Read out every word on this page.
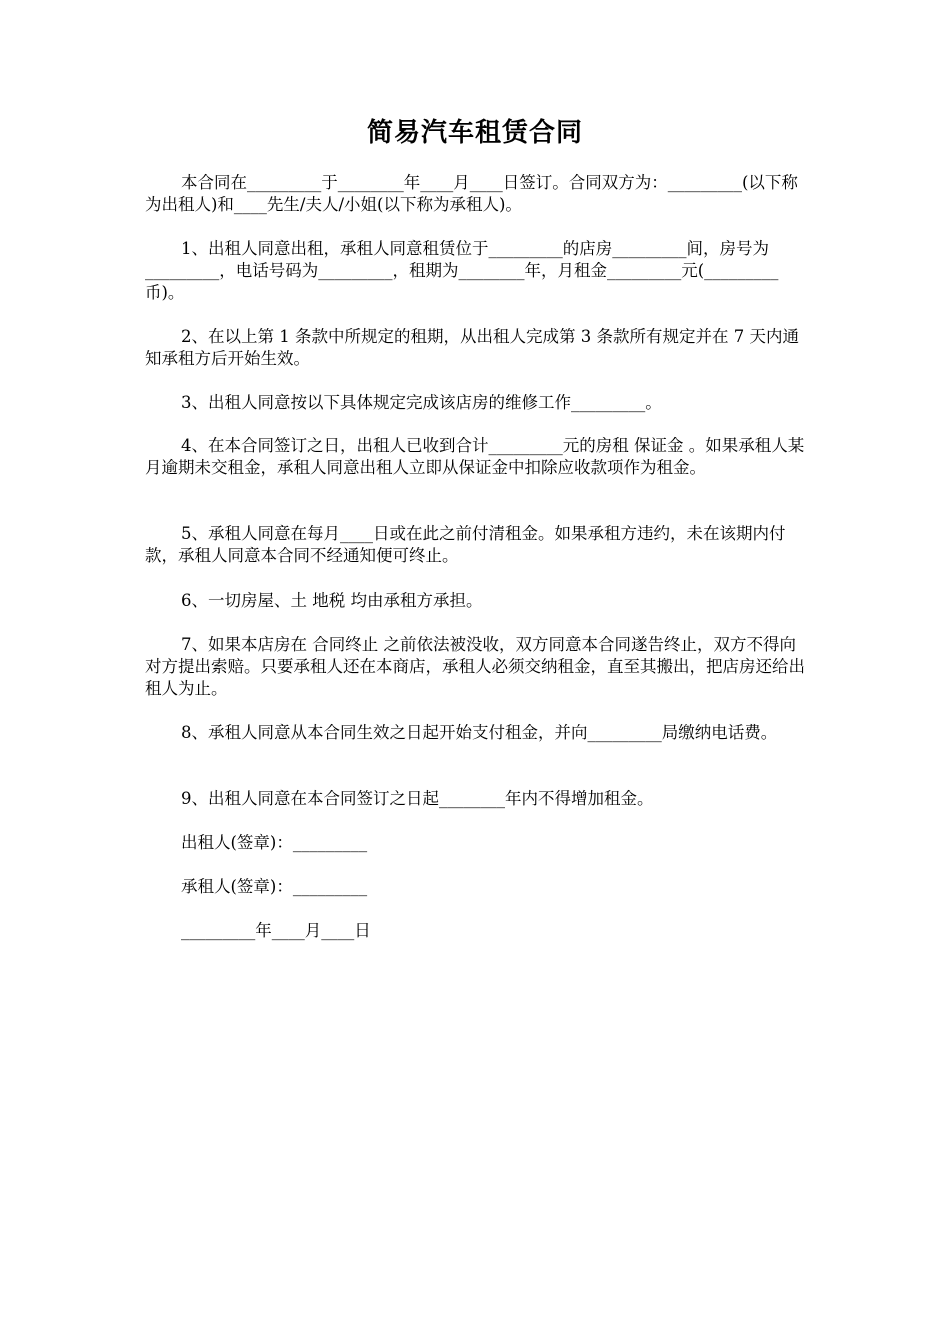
简易汽车租赁合同
本合同在_________于________年____月____日签订。合同双方为：_________(以下称为出租人)和____先生/夫人/小姐(以下称为承租人)。
1、出租人同意出租，承租人同意租赁位于_________的店房_________间，房号为_________，电话号码为_________，租期为________年，月租金_________元(_________币)。
2、在以上第 1 条款中所规定的租期，从出租人完成第 3 条款所有规定并在 7 天内通知承租方后开始生效。
3、出租人同意按以下具体规定完成该店房的维修工作_________。
4、在本合同签订之日，出租人已收到合计_________元的房租 保证金 。如果承租人某月逾期未交租金，承租人同意出租人立即从保证金中扣除应收款项作为租金。
5、承租人同意在每月____日或在此之前付清租金。如果承租方违约，未在该期内付款，承租人同意本合同不经通知便可终止。
6、一切房屋、土 地税 均由承租方承担。
7、如果本店房在 合同终止 之前依法被没收，双方同意本合同遂告终止，双方不得向对方提出索赔。只要承租人还在本商店，承租人必须交纳租金，直至其搬出，把店房还给出租人为止。
8、承租人同意从本合同生效之日起开始支付租金，并向_________局缴纳电话费。
9、出租人同意在本合同签订之日起________年内不得增加租金。
出租人(签章)：_________
承租人(签章)：_________
_________年____月____日
